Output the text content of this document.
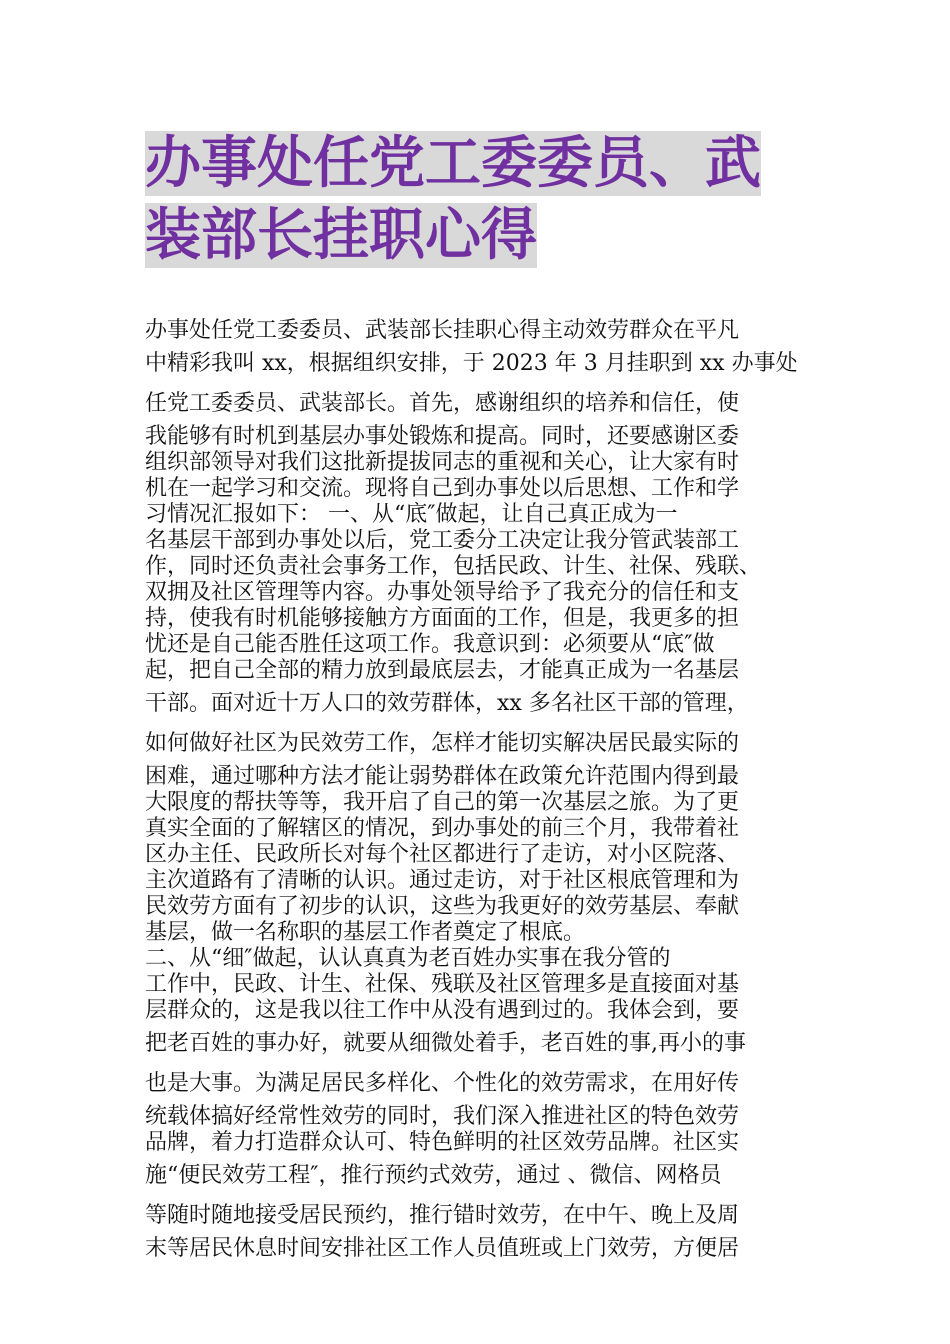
办事处任党工委委员、武
装部长挂职心得
办事处任党工委委员、武装部长挂职心得主动效劳群众在平凡
中精彩我叫 xx，根据组织安排，于 2023 年 3 月挂职到 xx 办事处
任党工委委员、武装部长。首先，感谢组织的培养和信任，使
我能够有时机到基层办事处锻炼和提高。同时，还要感谢区委
组织部领导对我们这批新提拔同志的重视和关心，让大家有时
机在一起学习和交流。现将自己到办事处以后思想、工作和学
习情况汇报如下： 一、从“底″做起，让自己真正成为一
名基层干部到办事处以后，党工委分工决定让我分管武装部工
作，同时还负责社会事务工作，包括民政、计生、社保、残联、
双拥及社区管理等内容。办事处领导给予了我充分的信任和支
持，使我有时机能够接触方方面面的工作，但是，我更多的担
忧还是自己能否胜任这项工作。我意识到：必须要从“底″做
起，把自己全部的精力放到最底层去，才能真正成为一名基层
干部。面对近十万人口的效劳群体，xx 多名社区干部的管理，
如何做好社区为民效劳工作，怎样才能切实解决居民最实际的
困难，通过哪种方法才能让弱势群体在政策允许范围内得到最
大限度的帮扶等等，我开启了自己的第一次基层之旅。为了更
真实全面的了解辖区的情况，到办事处的前三个月，我带着社
区办主任、民政所长对每个社区都进行了走访，对小区院落、
主次道路有了清晰的认识。通过走访，对于社区根底管理和为
民效劳方面有了初步的认识，这些为我更好的效劳基层、奉献
基层，做一名称职的基层工作者奠定了根底。
二、从“细″做起，认认真真为老百姓办实事在我分管的
工作中，民政、计生、社保、残联及社区管理多是直接面对基
层群众的，这是我以往工作中从没有遇到过的。我体会到，要
把老百姓的事办好，就要从细微处着手，老百姓的事,再小的事
也是大事。为满足居民多样化、个性化的效劳需求，在用好传
统载体搞好经常性效劳的同时，我们深入推进社区的特色效劳
品牌，着力打造群众认可、特色鲜明的社区效劳品牌。社区实
施“便民效劳工程″，推行预约式效劳，通过 、微信、网格员
等随时随地接受居民预约，推行错时效劳，在中午、晚上及周
末等居民休息时间安排社区工作人员值班或上门效劳，方便居
